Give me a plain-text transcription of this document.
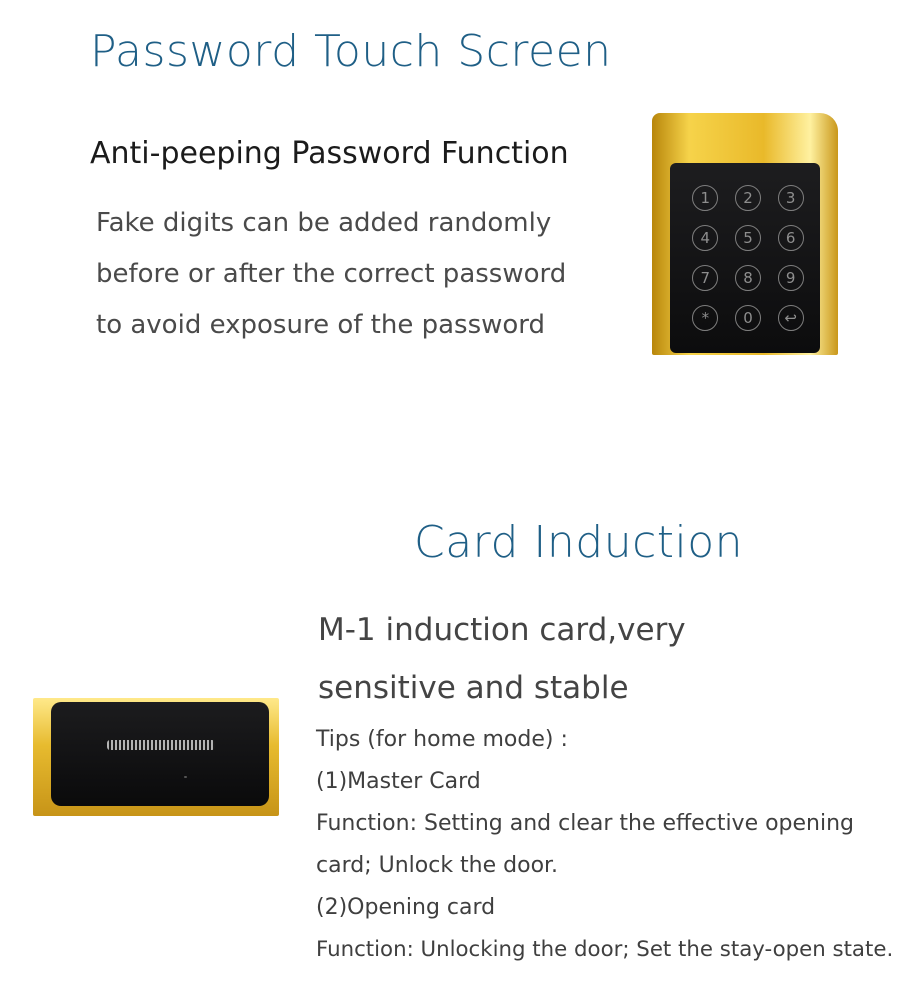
Password Touch Screen
Anti-peeping Password Function
Fake digits can be added randomly
before or after the correct password
to avoid exposure of the password
1	2	3
4	5	6
7	8	9
*	0	↩
Card Induction
M-1 induction card,very
sensitive and stable
Tips (for home mode) :
(1)Master Card
Function: Setting and clear the effective opening
card; Unlock the door.
(2)Opening card
Function: Unlocking the door; Set the stay-open state.
